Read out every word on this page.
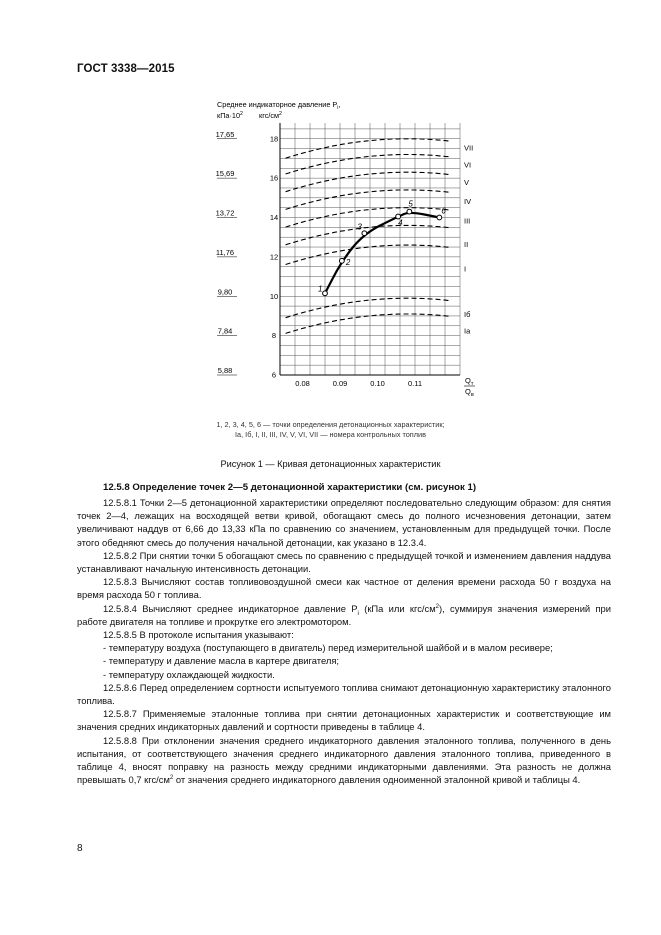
ГОСТ 3338—2015
17,65	18
15,69	16
13,72	14
11,76	12
9,80	10
7,84	8
5,88	6
0.08	0.09	0.10	0.11	$Q_т$
$Q_в$
Среднее индикаторное давление $P_i$,
$кПа\cdot 10^2$ кгс/$см^2$
VII
VI
V
IV
III
II
I
Iб
Iа
1
2
3	4
5
6
1, 2, 3, 4, 5, 6 — точки определения детонационных характеристик;
Iа, Iб, I, II, III, IV, V, VI, VII — номера контрольных топлив
Рисунок 1 — Кривая детонационных характеристик
12.5.8 Определение точек 2—5 детонационной характеристики (см. рисунок 1)

12.5.8.1 Точки 2—5 детонационной характеристики определяют последовательно следующим образом: для снятия точек 2—4, лежащих на восходящей ветви кривой, обогащают смесь до полного исчезновения детонации, затем увеличивают наддув от 6,66 до 13,33 кПа по сравнению со значением, установленным для предыдущей точки. После этого обедняют смесь до получения начальной детонации, как указано в 12.3.4.

12.5.8.2 При снятии точки 5 обогащают смесь по сравнению с предыдущей точкой и изменением давления наддува устанавливают начальную интенсивность детонации.

12.5.8.3 Вычисляют состав топливовоздушной смеси как частное от деления времени расхода 50 г воздуха на время расхода 50 г топлива.

12.5.8.4 Вычисляют среднее индикаторное давление $P_i$ (кПа или кгс/$см^2$), суммируя значения измерений при работе двигателя на топливе и прокрутке его электромотором.

12.5.8.5 В протоколе испытания указывают:

- температуру воздуха (поступающего в двигатель) перед измерительной шайбой и в малом ресивере;

- температуру и давление масла в картере двигателя;

- температуру охлаждающей жидкости.

12.5.8.6 Перед определением сортности испытуемого топлива снимают детонационную характеристику эталонного топлива.

12.5.8.7 Применяемые эталонные топлива при снятии детонационных характеристик и соответствующие им значения средних индикаторных давлений и сортности приведены в таблице 4.

12.5.8.8 При отклонении значения среднего индикаторного давления эталонного топлива, полученного в день испытания, от соответствующего значения среднего индикаторного давления эталонного топлива, приведенного в таблице 4, вносят поправку на разность между средними индикаторными давлениями. Эта разность не должна превышать 0,7 кгс/$см^2$ от значения среднего индикаторного давления одноименной эталонной кривой и таблицы 4.

8
